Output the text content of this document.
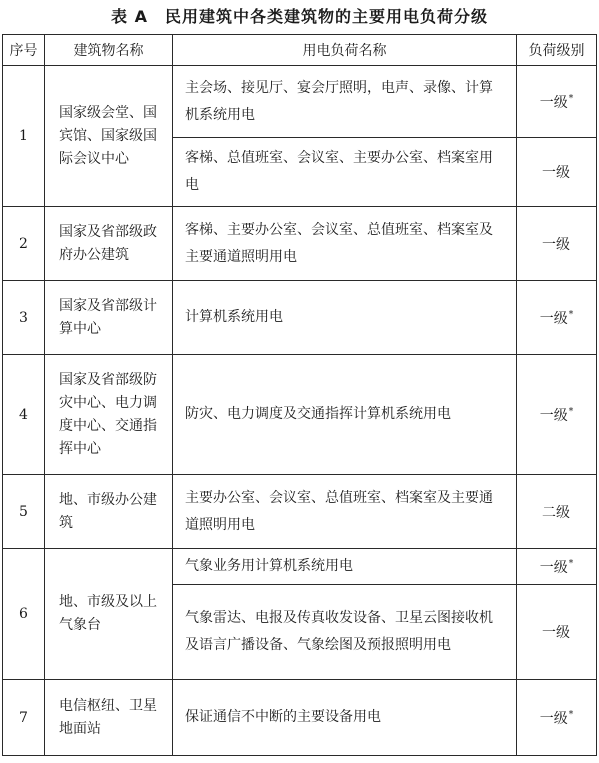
表 A　民用建筑中各类建筑物的主要用电负荷分级
序号	建筑物名称	用电负荷名称	负荷级别
1	国家级会堂、国宾馆、国家级国际会议中心	主会场、接见厅、宴会厅照明，电声、录像、计算机系统用电	一级*
		客梯、总值班室、会议室、主要办公室、档案室用电	一级
2	国家及省部级政府办公建筑	客梯、主要办公室、会议室、总值班室、档案室及主要通道照明用电	一级
3	国家及省部级计算中心	计算机系统用电	一级*
4	国家及省部级防灾中心、电力调度中心、交通指挥中心	防灾、电力调度及交通指挥计算机系统用电	一级*
5	地、市级办公建筑	主要办公室、会议室、总值班室、档案室及主要通道照明用电	二级
6	地、市级及以上气象台	气象业务用计算机系统用电	一级*
		气象雷达、电报及传真收发设备、卫星云图接收机及语言广播设备、气象绘图及预报照明用电	一级
7	电信枢纽、卫星地面站	保证通信不中断的主要设备用电	一级*
